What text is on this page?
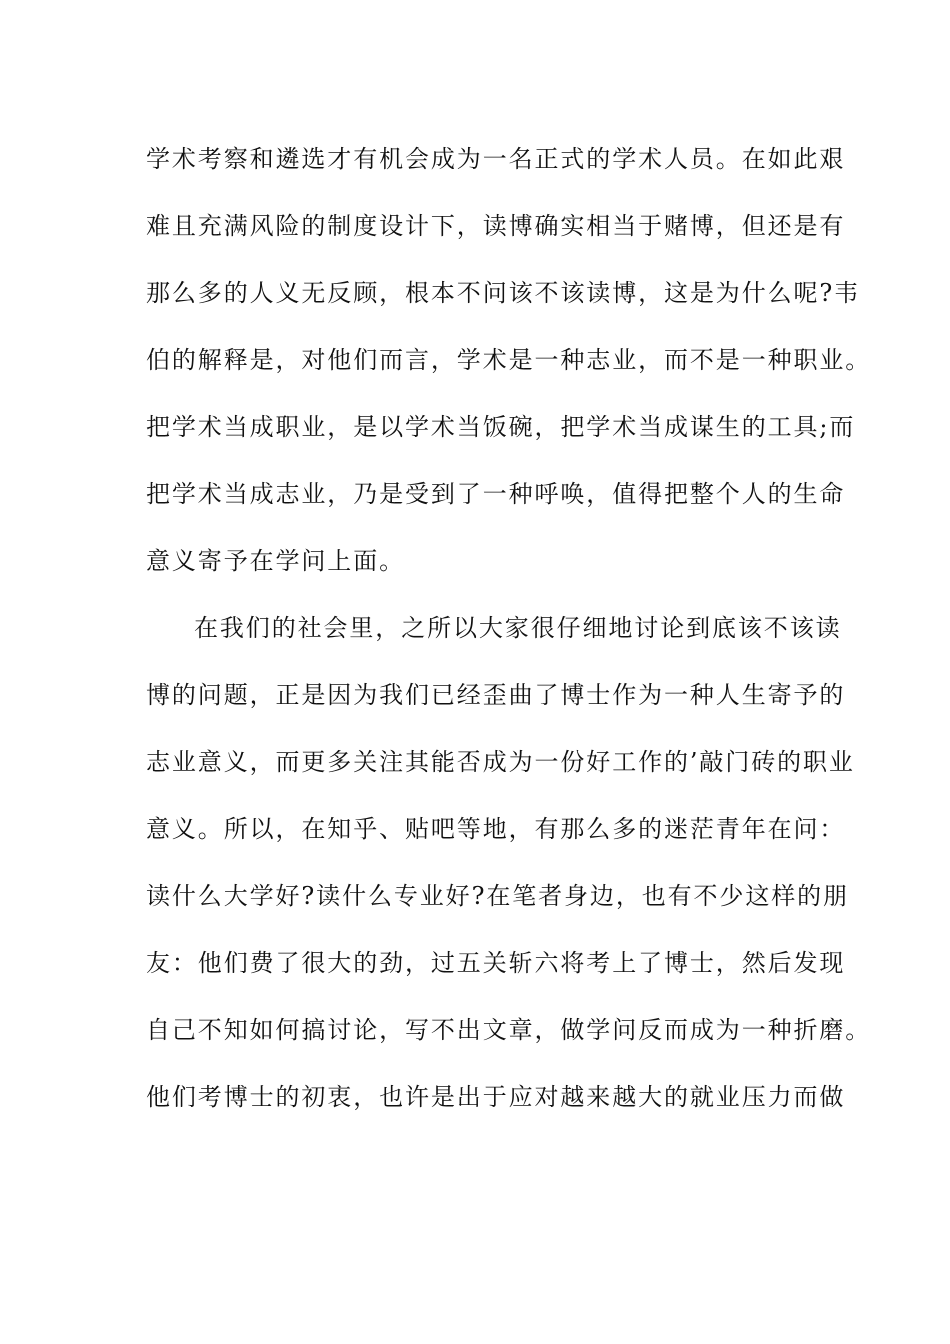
学术考察和遴选才有机会成为一名正式的学术人员。在如此艰
难且充满风险的制度设计下，读博确实相当于赌博，但还是有
那么多的人义无反顾，根本不问该不该读博，这是为什么呢?韦
伯的解释是，对他们而言，学术是一种志业，而不是一种职业。
把学术当成职业，是以学术当饭碗，把学术当成谋生的工具;而
把学术当成志业，乃是受到了一种呼唤，值得把整个人的生命
意义寄予在学问上面。
在我们的社会里，之所以大家很仔细地讨论到底该不该读
博的问题，正是因为我们已经歪曲了博士作为一种人生寄予的
志业意义，而更多关注其能否成为一份好工作的’敲门砖的职业
意义。所以，在知乎、贴吧等地，有那么多的迷茫青年在问：
读什么大学好?读什么专业好?在笔者身边，也有不少这样的朋
友：他们费了很大的劲，过五关斩六将考上了博士，然后发现
自己不知如何搞讨论，写不出文章，做学问反而成为一种折磨。
他们考博士的初衷，也许是出于应对越来越大的就业压力而做
